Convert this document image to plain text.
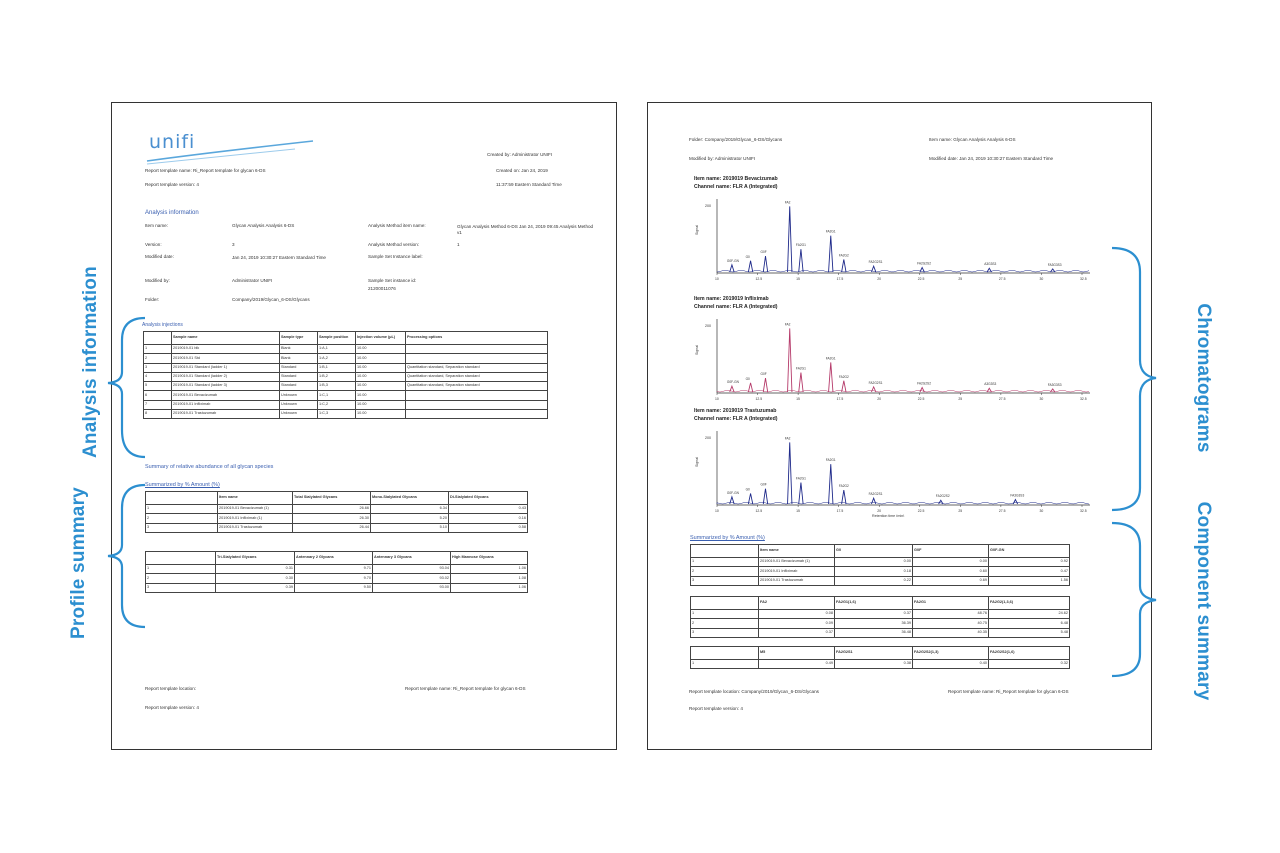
unifi
Report template name: Ri_Report template for glycan 6-DS
Report template version: 4
Created by: Administrator UNIFI
Created on: Jan 24, 2019
11:37:59 Eastern Standard Time
Analysis information
Item name:	Glycan Analysis Analysis 6-DS	Analysis Method item name:	Glycan Analysis Method 6-DS Jan 24, 2019 09:45 Analysis Method v1
Version:	3	Analysis Method version:	1
Modified date:	Jan 24, 2019 10:30:27 Eastern Standard Time	Sample Set Instance label:
Modified by:	Administrator UNIFI	Sample Set instance id:
21200011076
Folder:	Company/2019/Glycan_6-DS/Glycans
Analysis injections
	Sample name	Sample type	Sample position	Injection volume (µL)	Processing options
1	2019019-01 blk	Blank	1:A,1	10.00	
2	2019019-01 Std	Blank	1:A,2	10.00	
3	2019019-01 Standard (ladder 1)	Standard	1:B,1	10.00	Quantitation standard, Separation standard
4	2019019-01 Standard (ladder 2)	Standard	1:B,2	10.00	Quantitation standard, Separation standard
5	2019019-01 Standard (ladder 3)	Standard	1:B,3	10.00	Quantitation standard, Separation standard
6	2019019-01 Bevacizumab	Unknown	1:C,1	10.00	
7	2019019-01 Infliximab	Unknown	1:C,2	10.00	
8	2019019-01 Trastuzumab	Unknown	1:C,3	10.00	
Summary of relative abundance of all glycan species
Summarized by % Amount (%)
	Item name	Total Sialylated Glycans	Mono-Sialylated Glycans	Di-Sialylated Glycans
1	2019019-01 Bevacizumab (1)	26.66	6.34	0.43
2	2019019-01 Infliximab (1)	26.30	5.20	0.16
3	2019019-01 Trastuzumab	26.44	5.10	0.58
	Tri-Sialylated Glycans	Antennary 2 Glycans	Antennary 3 Glycans	High Mannose Glycans
1	0.31	9.71	93.04	1.06
2	0.30	9.70	93.02	1.08
3	0.39	9.50	93.00	1.06
Report template location:	Report template name: Ri_Report template for glycan 6-DS
Report template version: 4
Folder: Company/2019/Glycan_6-DS/Glycans	Item name: Glycan Analysis Analysis 6-DS
Modified by: Administrator UNIFI	Modified date: Jan 24, 2019 10:30:27 Eastern Standard Time
Item name: 2019019 Bevacizumab
Channel name: FLR A (Integrated)
Signal
200
G0F-GN
G0
G0F
FA2
FA2G1
FA2G1
FA2G2
FA2G2S1	FA2G2S2	A3G3S3	FA3G3S3
10	12.5	15	17.5	20	22.5	25	27.5	30	32.5
Item name: 2019019 Infliximab
Channel name: FLR A (Integrated)
Signal
200
G0F-GN
G0
G0F
FA2
FA2G1
FA2G1
FA2G2
FA2G2S1	FA2G2S2	A3G3S3	FA3G3S3
10	12.5	15	17.5	20	22.5	25	27.5	30	32.5
Item name: 2019019 Trastuzumab
Channel name: FLR A (Integrated)
Signal
200
G0F-GN
G0
G0F
FA2
FA2G1
FA2G1
FA2G2
FA2G2S1
FA2G2S2	FA3G3S3
10	12.5	15	17.5	20	22.5	25	27.5	30	32.5
Retention time (min)
Summarized by % Amount (%)
	Item name	G0	G0F	G0F-GN
1	2019019-01 Bevacizumab (1)	0.00	0.00	0.92
2	2019019-01 Infliximab	0.18	0.60	0.47
3	2019019-01 Trastuzumab	0.22	0.69	1.56
	FA2	FA2G1(1,6)	FA2G1	FA2G2(1,3,6)
1	0.08	0.37	48.76	24.62
2	0.09	36.39	40.75	6.48
3	0.37	36.48	40.35	5.48
	M5	FA2G2S1	FA2G2S2(1,3)	FA2G2S2(1,6)
1	0.49	0.38	0.40	0.32
Report template location: Company/2019/Glycan_6-DS/Glycans	Report template name: Ri_Report template for glycan 6-DS
Report template version: 4
Analysis information
Profile summary
Chromatograms
Component summary
